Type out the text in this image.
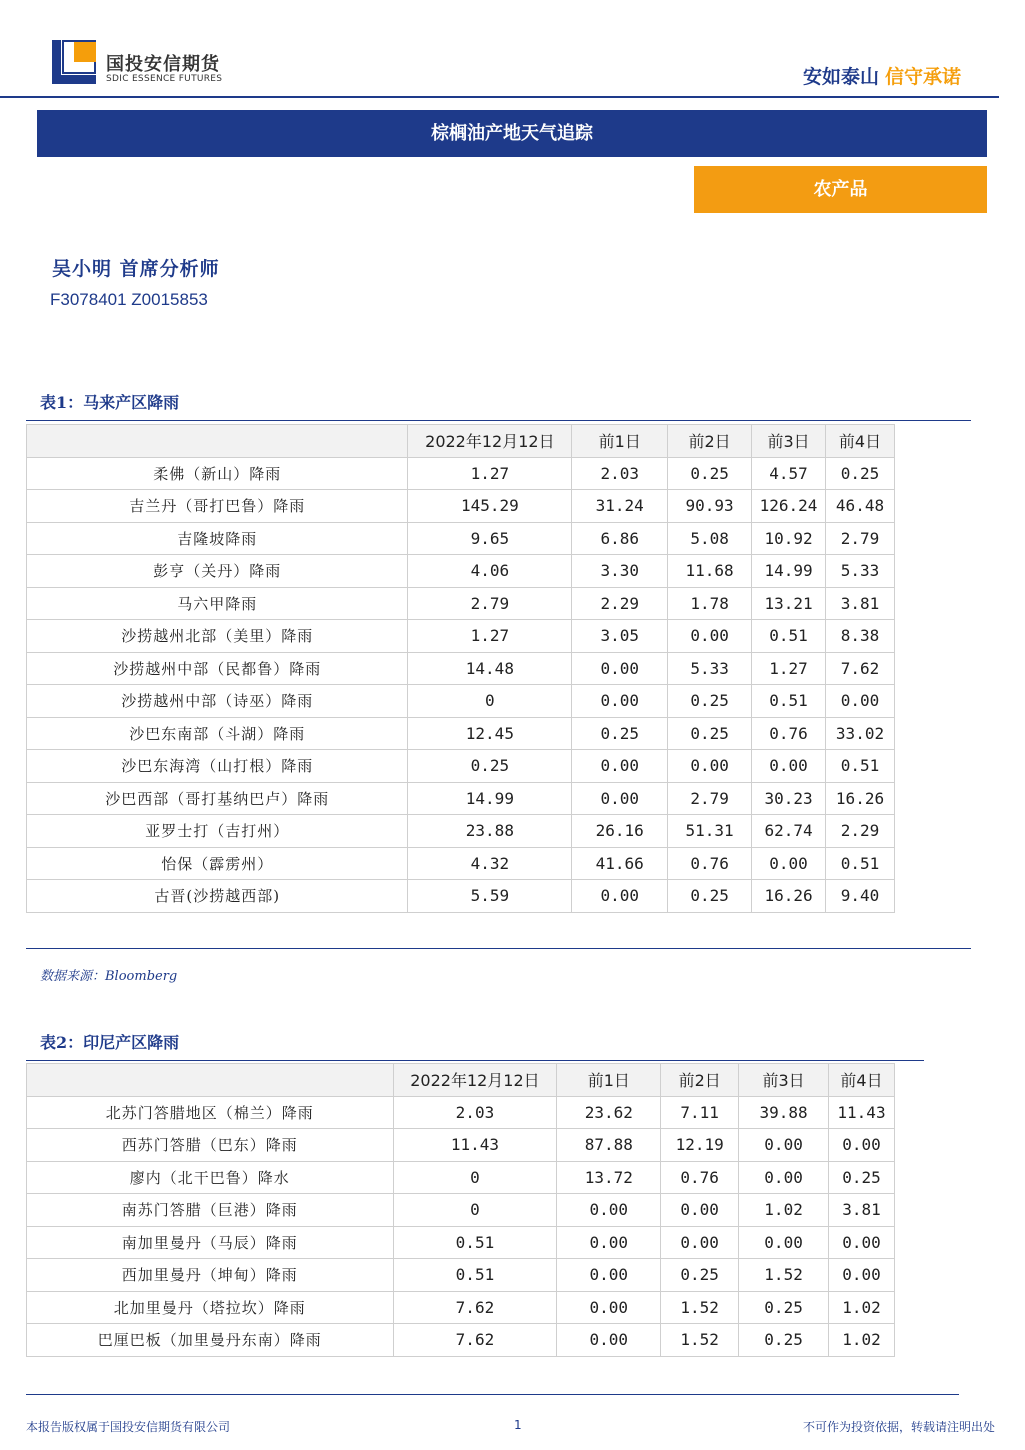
国投安信期货
SDIC ESSENCE FUTURES	安如泰山 信守承诺
棕榈油产地天气追踪
农产品
吴小明 首席分析师
F3078401 Z0015853
表1：马来产区降雨
	2022年12月12日	前1日	前2日	前3日	前4日
柔佛（新山）降雨	1.27	2.03	0.25	4.57	0.25
吉兰丹（哥打巴鲁）降雨	145.29	31.24	90.93	126.24	46.48
吉隆坡降雨	9.65	6.86	5.08	10.92	2.79
彭亨（关丹）降雨	4.06	3.30	11.68	14.99	5.33
马六甲降雨	2.79	2.29	1.78	13.21	3.81
沙捞越州北部（美里）降雨	1.27	3.05	0.00	0.51	8.38
沙捞越州中部（民都鲁）降雨	14.48	0.00	5.33	1.27	7.62
沙捞越州中部（诗巫）降雨	0	0.00	0.25	0.51	0.00
沙巴东南部（斗湖）降雨	12.45	0.25	0.25	0.76	33.02
沙巴东海湾（山打根）降雨	0.25	0.00	0.00	0.00	0.51
沙巴西部（哥打基纳巴卢）降雨	14.99	0.00	2.79	30.23	16.26
亚罗士打（吉打州）	23.88	26.16	51.31	62.74	2.29
怡保（霹雳州）	4.32	41.66	0.76	0.00	0.51
古晋(沙捞越西部)	5.59	0.00	0.25	16.26	9.40
数据来源：Bloomberg
表2：印尼产区降雨
	2022年12月12日	前1日	前2日	前3日	前4日
北苏门答腊地区（棉兰）降雨	2.03	23.62	7.11	39.88	11.43
西苏门答腊（巴东）降雨	11.43	87.88	12.19	0.00	0.00
廖内（北干巴鲁）降水	0	13.72	0.76	0.00	0.25
南苏门答腊（巨港）降雨	0	0.00	0.00	1.02	3.81
南加里曼丹（马辰）降雨	0.51	0.00	0.00	0.00	0.00
西加里曼丹（坤甸）降雨	0.51	0.00	0.25	1.52	0.00
北加里曼丹（塔拉坎）降雨	7.62	0.00	1.52	0.25	1.02
巴厘巴板（加里曼丹东南）降雨	7.62	0.00	1.52	0.25	1.02
本报告版权属于国投安信期货有限公司	1	不可作为投资依据，转载请注明出处
